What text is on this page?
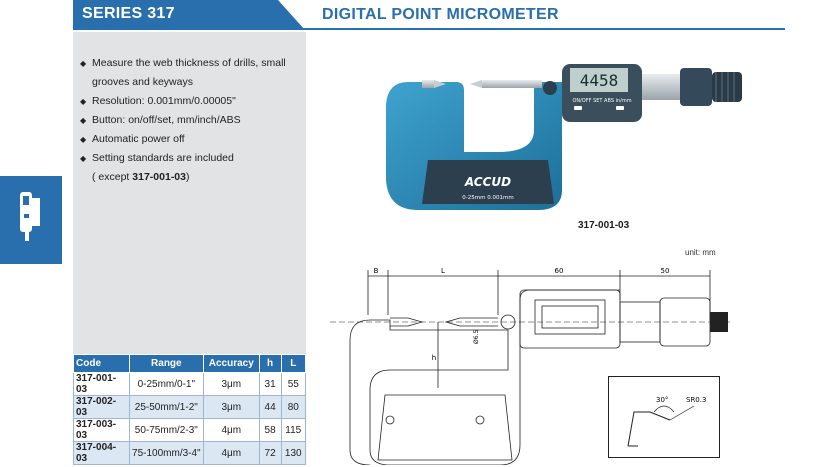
SERIES 317	DIGITAL POINT MICROMETER
◆ Measure the web thickness of drills, small grooves and keyways
◆ Resolution: 0.001mm/0.00005"
◆ Button: on/off/set, mm/inch/ABS
◆ Automatic power off
◆ Setting standards are included
( except 317-001-03)
4458
ON/OFF SET ABS in/mm
ACCUD
0-25mm 0.001mm
317-001-03
unit: mm
B	L	60	50
h
Ø6.5
30°	SR0.3
Code	Range	Accuracy	h	L
317-001-03	0-25mm/0-1"	3μm	31	55
317-002-03	25-50mm/1-2"	3μm	44	80
317-003-03	50-75mm/2-3"	4μm	58	115
317-004-03	75-100mm/3-4"	4μm	72	130
